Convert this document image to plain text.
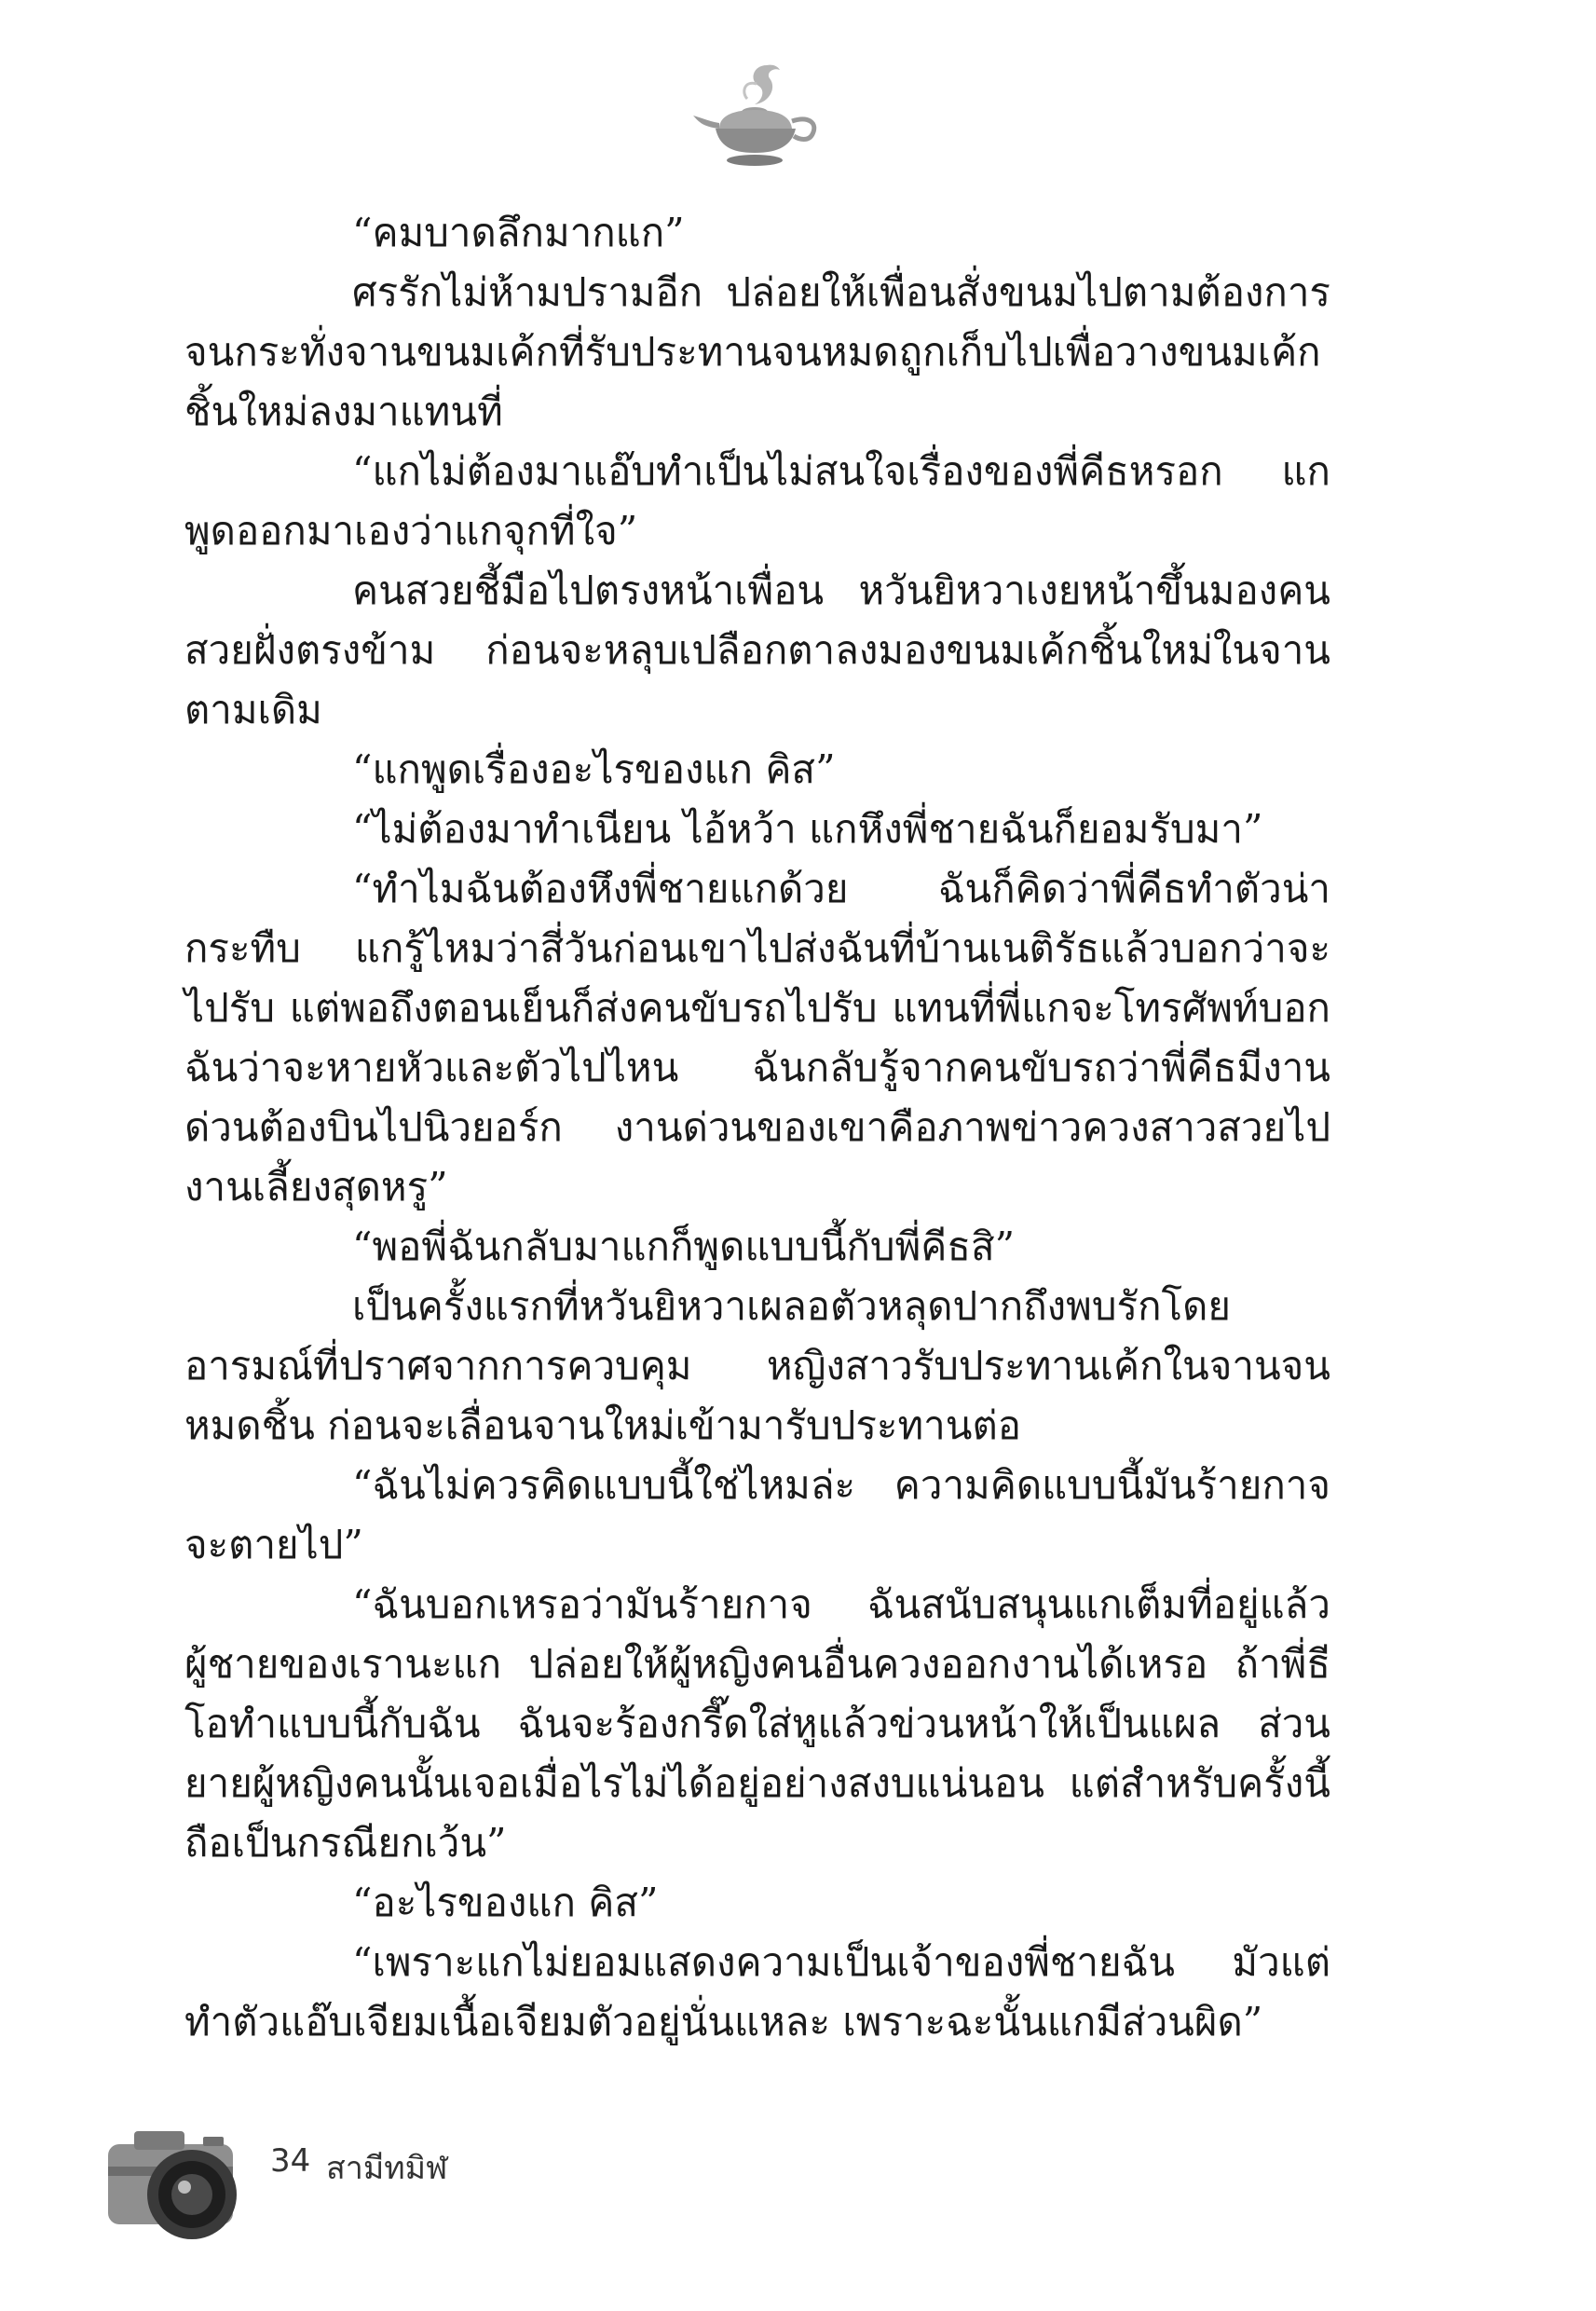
“คมบาดลึกมากแก”

ศรรักไม่ห้ามปรามอีก ปล่อยให้เพื่อนสั่งขนมไปตามต้องการ จนกระทั่งจานขนมเค้กที่รับประทานจนหมดถูกเก็บไปเพื่อวางขนมเค้กชิ้นใหม่ลงมาแทนที่

“แกไม่ต้องมาแอ๊บทำเป็นไม่สนใจเรื่องของพี่คีธหรอก แกพูดออกมาเองว่าแกจุกที่ใจ”

คนสวยชี้มือไปตรงหน้าเพื่อน หวันยิหวาเงยหน้าขึ้นมองคนสวยฝั่งตรงข้าม ก่อนจะหลุบเปลือกตาลงมองขนมเค้กชิ้นใหม่ในจานตามเดิม

“แกพูดเรื่องอะไรของแก คิส”

“ไม่ต้องมาทำเนียน ไอ้หว้า แกหึงพี่ชายฉันก็ยอมรับมา”

“ทำไมฉันต้องหึงพี่ชายแกด้วย ฉันก็คิดว่าพี่คีธทำตัวน่ากระทืบ แกรู้ไหมว่าสี่วันก่อนเขาไปส่งฉันที่บ้านเนติรัธแล้วบอกว่าจะไปรับ แต่พอถึงตอนเย็นก็ส่งคนขับรถไปรับ แทนที่พี่แกจะโทรศัพท์บอกฉันว่าจะหายหัวและตัวไปไหน ฉันกลับรู้จากคนขับรถว่าพี่คีธมีงานด่วนต้องบินไปนิวยอร์ก งานด่วนของเขาคือภาพข่าวควงสาวสวยไปงานเลี้ยงสุดหรู”

“พอพี่ฉันกลับมาแกก็พูดแบบนี้กับพี่คีธสิ”

เป็นครั้งแรกที่หวันยิหวาเผลอตัวหลุดปากถึงพบรักโดยอารมณ์ที่ปราศจากการควบคุม หญิงสาวรับประทานเค้กในจานจนหมดชิ้น ก่อนจะเลื่อนจานใหม่เข้ามารับประทานต่อ

“ฉันไม่ควรคิดแบบนี้ใช่ไหมล่ะ ความคิดแบบนี้มันร้ายกาจจะตายไป”

“ฉันบอกเหรอว่ามันร้ายกาจ ฉันสนับสนุนแกเต็มที่อยู่แล้ว ผู้ชายของเรานะแก ปล่อยให้ผู้หญิงคนอื่นควงออกงานได้เหรอ ถ้าพี่ธีโอทำแบบนี้กับฉัน ฉันจะร้องกรี๊ดใส่หูแล้วข่วนหน้าให้เป็นแผล ส่วนยายผู้หญิงคนนั้นเจอเมื่อไรไม่ได้อยู่อย่างสงบแน่นอน แต่สำหรับครั้งนี้ถือเป็นกรณียกเว้น”

“อะไรของแก คิส”

“เพราะแกไม่ยอมแสดงความเป็นเจ้าของพี่ชายฉัน มัวแต่ทำตัวแอ๊บเจียมเนื้อเจียมตัวอยู่นั่นแหละ เพราะฉะนั้นแกมีส่วนผิด”

34 สามีทมิฬ
